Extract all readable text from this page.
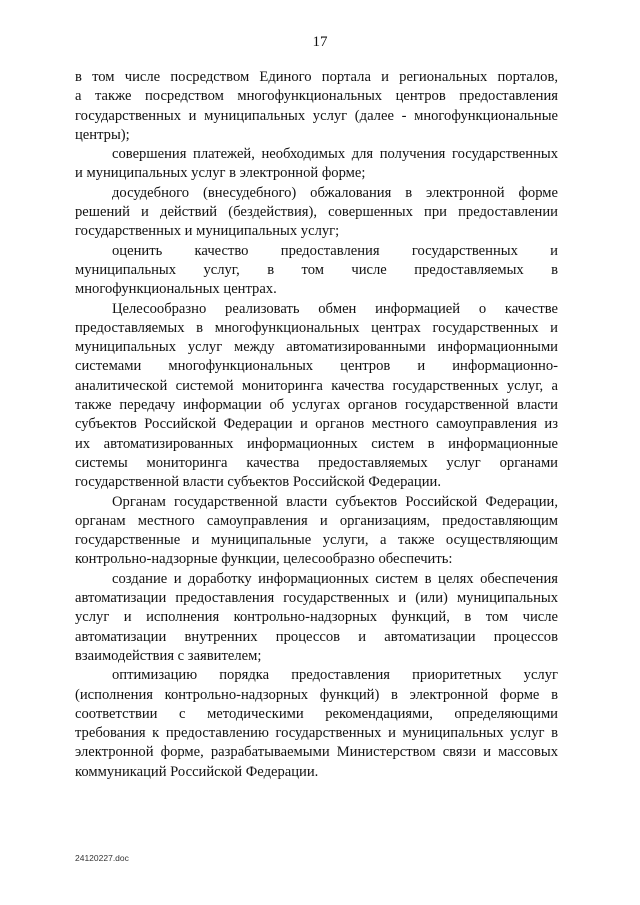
17
в том числе посредством Единого портала и региональных порталов,
а также посредством многофункциональных центров предоставления
государственных и муниципальных услуг (далее - многофункциональные
центры);
совершения платежей, необходимых для получения государственных
и муниципальных услуг в электронной форме;
досудебного (внесудебного) обжалования в электронной форме
решений и действий (бездействия), совершенных при предоставлении
государственных и муниципальных услуг;
оценить качество предоставления государственных и
муниципальных услуг, в том числе предоставляемых в
многофункциональных центрах.
Целесообразно реализовать обмен информацией о качестве
предоставляемых в многофункциональных центрах государственных и
муниципальных услуг между автоматизированными информационными
системами многофункциональных центров и информационно-
аналитической системой мониторинга качества государственных услуг, а
также передачу информации об услугах органов государственной власти
субъектов Российской Федерации и органов местного самоуправления из
их автоматизированных информационных систем в информационные
системы мониторинга качества предоставляемых услуг органами
государственной власти субъектов Российской Федерации.
Органам государственной власти субъектов Российской Федерации,
органам местного самоуправления и организациям, предоставляющим
государственные и муниципальные услуги, а также осуществляющим
контрольно-надзорные функции, целесообразно обеспечить:
создание и доработку информационных систем в целях обеспечения
автоматизации предоставления государственных и (или) муниципальных
услуг и исполнения контрольно-надзорных функций, в том числе
автоматизации внутренних процессов и автоматизации процессов
взаимодействия с заявителем;
оптимизацию порядка предоставления приоритетных услуг
(исполнения контрольно-надзорных функций) в электронной форме в
соответствии с методическими рекомендациями, определяющими
требования к предоставлению государственных и муниципальных услуг в
электронной форме, разрабатываемыми Министерством связи и массовых
коммуникаций Российской Федерации.
24120227.doc
